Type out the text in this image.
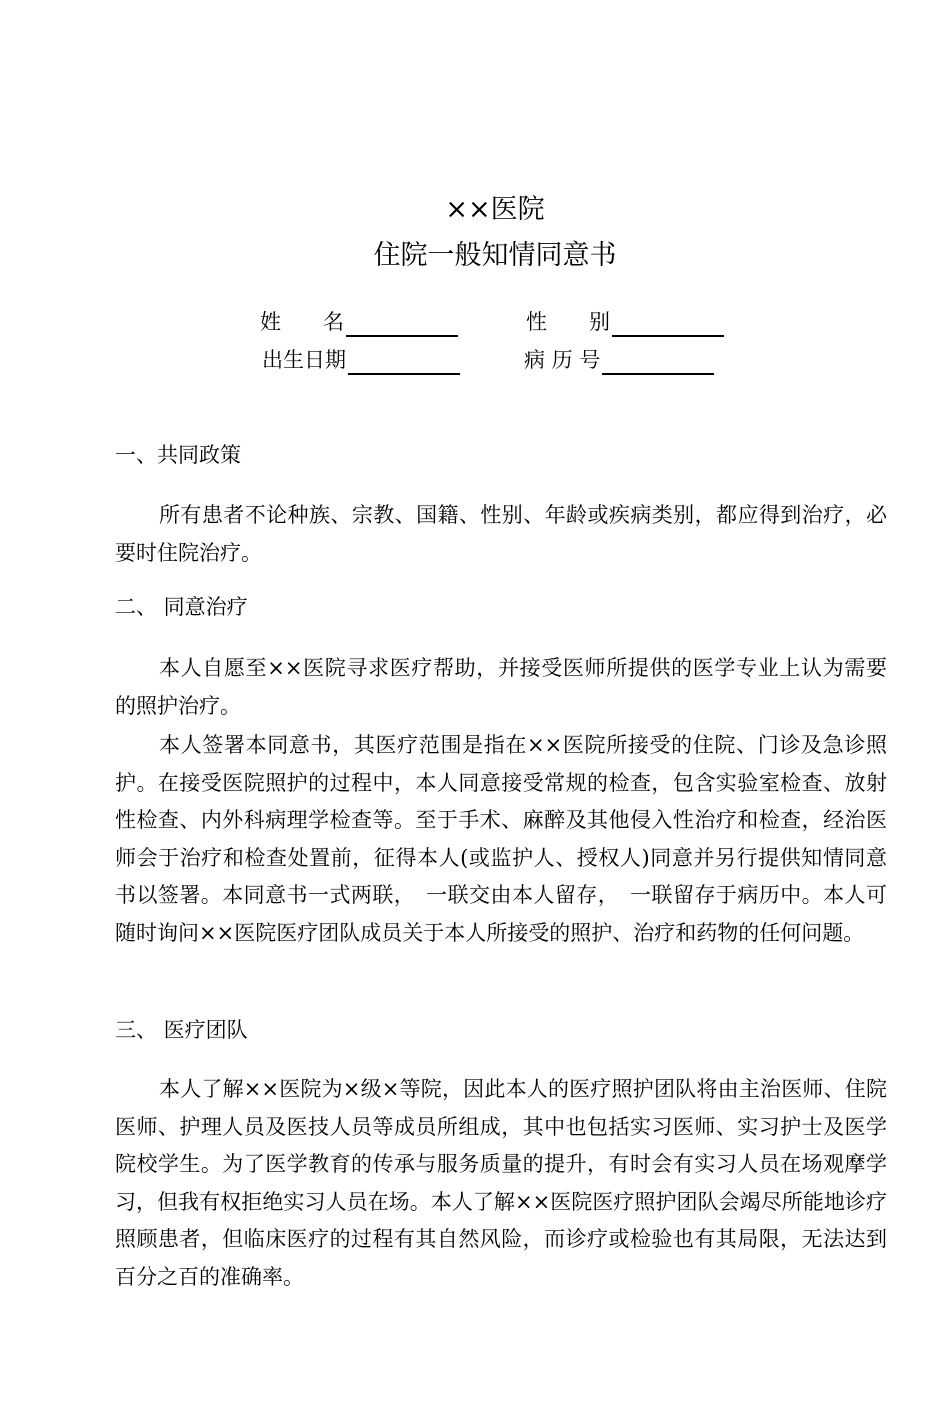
××医院
住院一般知情同意书
姓　　名	性　　别
出生日期	病 历 号
一、共同政策

所有患者不论种族、宗教、国籍、性别、年龄或疾病类别，都应得到治疗，必要时住院治疗。

二、 同意治疗

本人自愿至××医院寻求医疗帮助，并接受医师所提供的医学专业上认为需要的照护治疗。

本人签署本同意书，其医疗范围是指在××医院所接受的住院、门诊及急诊照护。在接受医院照护的过程中，本人同意接受常规的检查，包含实验室检查、放射性检查、内外科病理学检查等。至于手术、麻醉及其他侵入性治疗和检查，经治医师会于治疗和检查处置前，征得本人(或监护人、授权人)同意并另行提供知情同意书以签署。本同意书一式两联，　一联交由本人留存，　一联留存于病历中。本人可随时询问××医院医疗团队成员关于本人所接受的照护、治疗和药物的任何问题。

三、 医疗团队

本人了解××医院为×级×等院，因此本人的医疗照护团队将由主治医师、住院医师、护理人员及医技人员等成员所组成，其中也包括实习医师、实习护士及医学院校学生。为了医学教育的传承与服务质量的提升，有时会有实习人员在场观摩学习，但我有权拒绝实习人员在场。本人了解××医院医疗照护团队会竭尽所能地诊疗照顾患者，但临床医疗的过程有其自然风险，而诊疗或检验也有其局限，无法达到百分之百的准确率。
